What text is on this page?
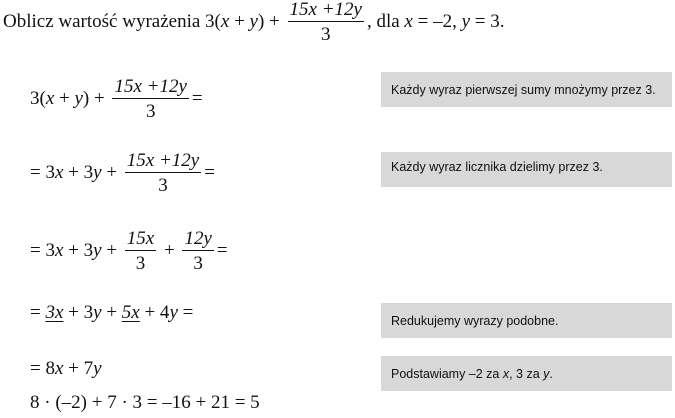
Oblicz wartość wyrażenia 3( x + y ) + $\frac{15x +12y}{3}$ , dla x = –2, y = 3.
3( x + y ) + $\frac{15x +12y}{3}$ =
= 3 x + 3 $y + \frac{15x +12y}{3}$ =
= 3 x + 3 $y + \frac{15x}{3} + \frac{12y}{3}$ =
= 3x + 3 y + 5x + 4 y =
= 8 x + 7 y
8 · (–2) + 7 · 3 = –16 + 21 = 5
Każdy wyraz pierwszej sumy mnożymy przez 3.
Każdy wyraz licznika dzielimy przez 3.
Redukujemy wyrazy podobne.
Podstawiamy –2 za x , 3 za y .
